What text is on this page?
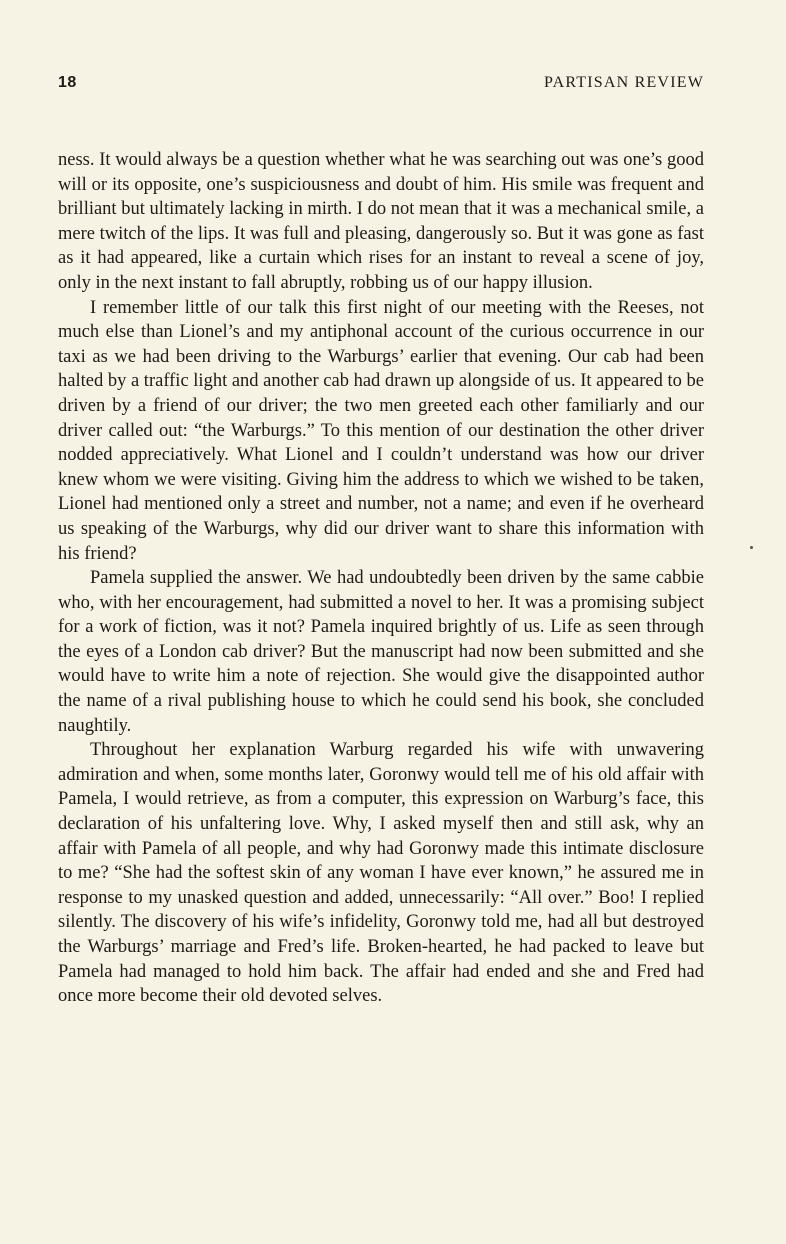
18	PARTISAN REVIEW

ness. It would always be a question whether what he was searching out was one’s good will or its opposite, one’s suspiciousness and doubt of him. His smile was frequent and brilliant but ultimately lacking in mirth. I do not mean that it was a mechanical smile, a mere twitch of the lips. It was full and pleasing, dangerously so. But it was gone as fast as it had appeared, like a curtain which rises for an instant to reveal a scene of joy, only in the next instant to fall abruptly, robbing us of our happy illusion.

I remember little of our talk this first night of our meeting with the Reeses, not much else than Lionel’s and my antiphonal account of the curious occurrence in our taxi as we had been driving to the Warburgs’ earlier that evening. Our cab had been halted by a traffic light and another cab had drawn up alongside of us. It appeared to be driven by a friend of our driver; the two men greeted each other familiarly and our driver called out: “the Warburgs.” To this mention of our destination the other driver nodded appreciatively. What Lionel and I couldn’t understand was how our driver knew whom we were visiting. Giving him the address to which we wished to be taken, Lionel had mentioned only a street and number, not a name; and even if he overheard us speaking of the Warburgs, why did our driver want to share this information with his friend?

Pamela supplied the answer. We had undoubtedly been driven by the same cabbie who, with her encouragement, had submitted a novel to her. It was a promising subject for a work of fiction, was it not? Pamela inquired brightly of us. Life as seen through the eyes of a London cab driver? But the manuscript had now been submitted and she would have to write him a note of rejection. She would give the disappointed author the name of a rival publishing house to which he could send his book, she concluded naughtily.

Throughout her explanation Warburg regarded his wife with unwavering admiration and when, some months later, Goronwy would tell me of his old affair with Pamela, I would retrieve, as from a computer, this expression on Warburg’s face, this declaration of his unfaltering love. Why, I asked myself then and still ask, why an affair with Pamela of all people, and why had Goronwy made this intimate disclosure to me? “She had the softest skin of any woman I have ever known,” he assured me in response to my unasked question and added, unnecessarily: “All over.” Boo! I replied silently. The discovery of his wife’s infidelity, Goronwy told me, had all but destroyed the Warburgs’ marriage and Fred’s life. Broken-hearted, he had packed to leave but Pamela had managed to hold him back. The affair had ended and she and Fred had once more become their old devoted selves.
